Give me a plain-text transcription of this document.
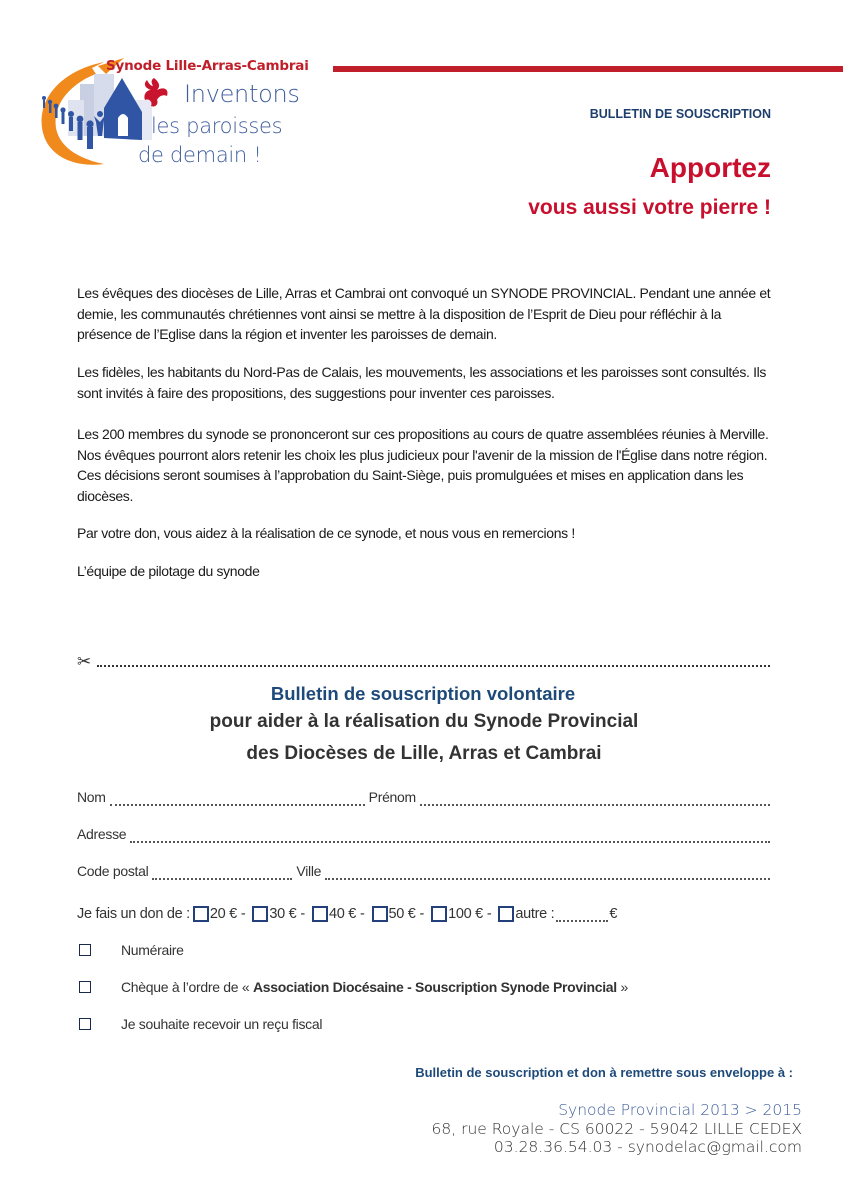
Synode Lille-Arras-Cambrai
Inventons
les paroisses
de demain !
BULLETIN DE SOUSCRIPTION
Apportez
vous aussi votre pierre !
Les évêques des diocèses de Lille, Arras et Cambrai ont convoqué un SYNODE PROVINCIAL. Pendant une année et demie, les communautés chrétiennes vont ainsi se mettre à la disposition de l’Esprit de Dieu pour réfléchir à la présence de l’Eglise dans la région et inventer les paroisses de demain.
Les fidèles, les habitants du Nord-Pas de Calais, les mouvements, les associations et les paroisses sont consultés. Ils sont invités à faire des propositions, des suggestions pour inventer ces paroisses.
Les 200 membres du synode se prononceront sur ces propositions au cours de quatre assemblées réunies à Merville. Nos évêques pourront alors retenir les choix les plus judicieux pour l'avenir de la mission de l'Église dans notre région. Ces décisions seront soumises à l’approbation du Saint-Siège, puis promulguées et mises en application dans les diocèses.
Par votre don, vous aidez à la réalisation de ce synode, et nous vous en remercions !
L’équipe de pilotage du synode
✂
Bulletin de souscription volontaire
pour aider à la réalisation du Synode Provincial
des Diocèses de Lille, Arras et Cambrai
Nom	Prénom
Adresse
Code postal	Ville
Je fais un don de : 20 € - 30 € - 40 € - 50 € - 100 € - autre :	€
Numéraire
Chèque à l’ordre de «
Association Diocésaine - Souscription Synode Provincial
»
Je souhaite recevoir un reçu fiscal
Bulletin de souscription et don à remettre sous enveloppe à :
Synode Provincial 2013 > 2015
68, rue Royale - CS 60022 - 59042 LILLE CEDEX
03.28.36.54.03 - synodelac@gmail.com
